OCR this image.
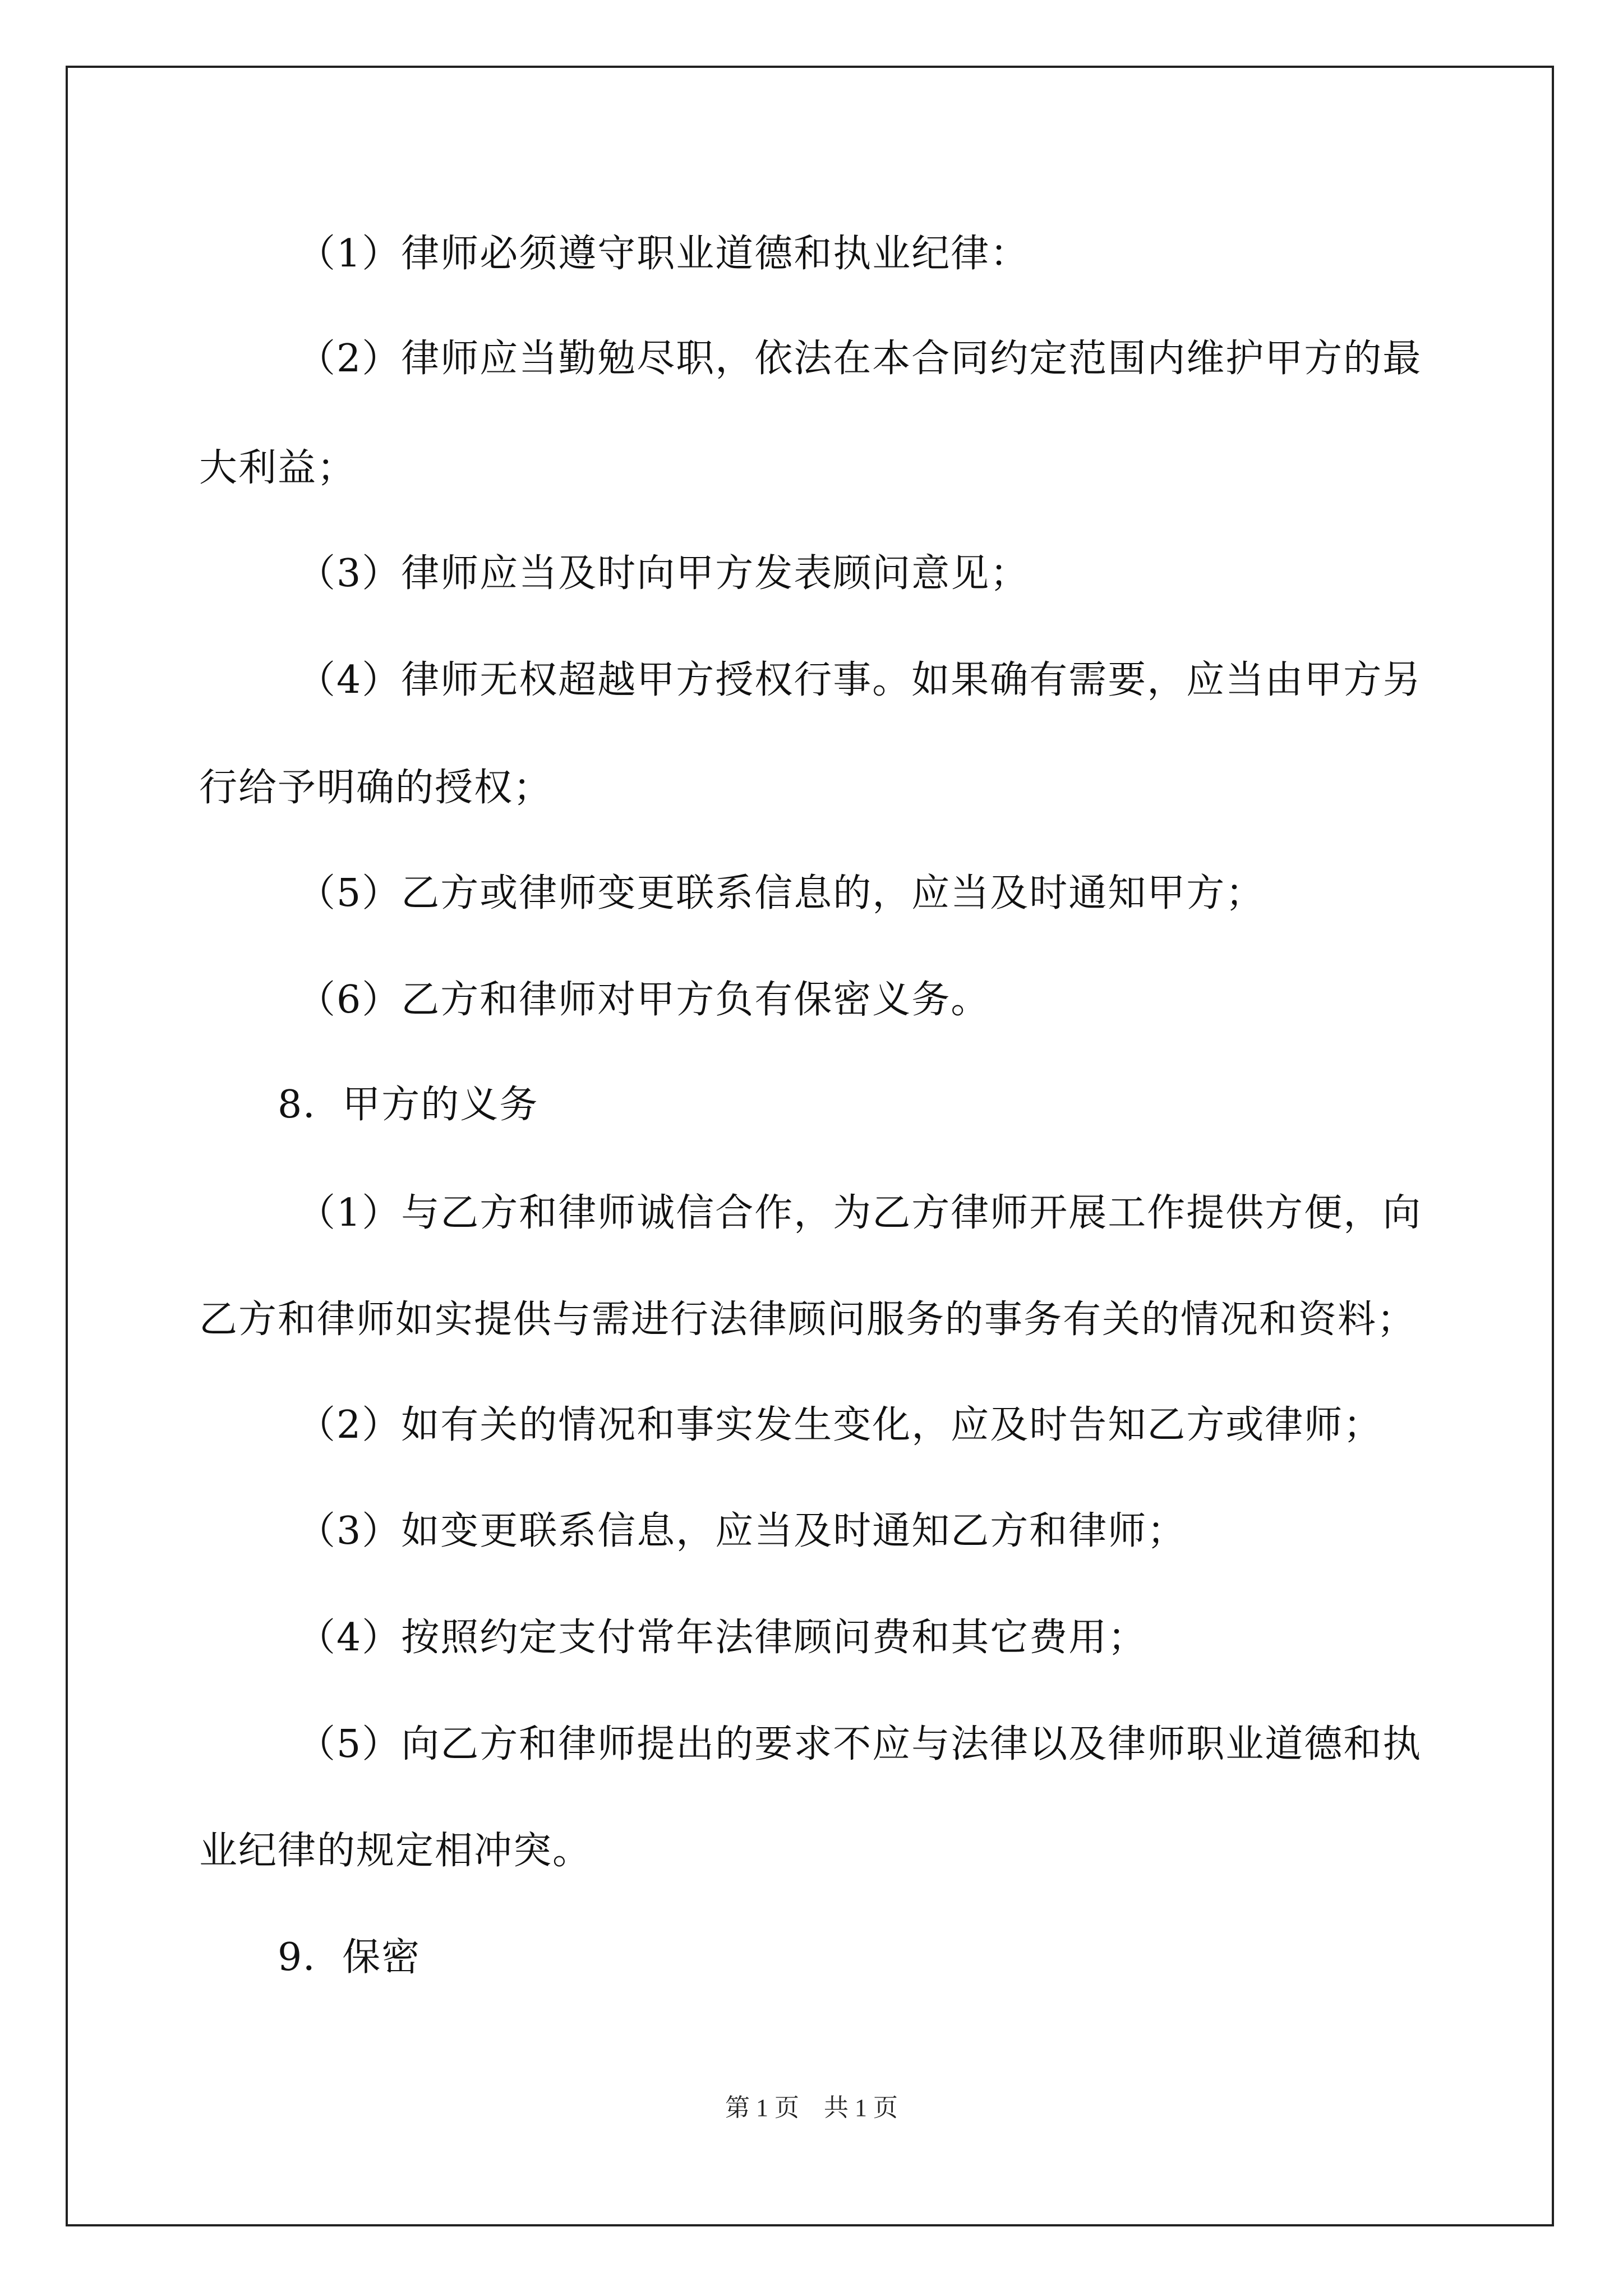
（1）律师必须遵守职业道德和执业纪律：
（2）律师应当勤勉尽职，依法在本合同约定范围内维护甲方的最
大利益；
（3）律师应当及时向甲方发表顾问意见；
（4）律师无权超越甲方授权行事。如果确有需要，应当由甲方另
行给予明确的授权；
（5）乙方或律师变更联系信息的，应当及时通知甲方；
（6）乙方和律师对甲方负有保密义务。
8．甲方的义务
（1）与乙方和律师诚信合作，为乙方律师开展工作提供方便，向
乙方和律师如实提供与需进行法律顾问服务的事务有关的情况和资料；
（2）如有关的情况和事实发生变化，应及时告知乙方或律师；
（3）如变更联系信息，应当及时通知乙方和律师；
（4）按照约定支付常年法律顾问费和其它费用；
（5）向乙方和律师提出的要求不应与法律以及律师职业道德和执
业纪律的规定相冲突。
9．保密
第 1 页　共 1 页
